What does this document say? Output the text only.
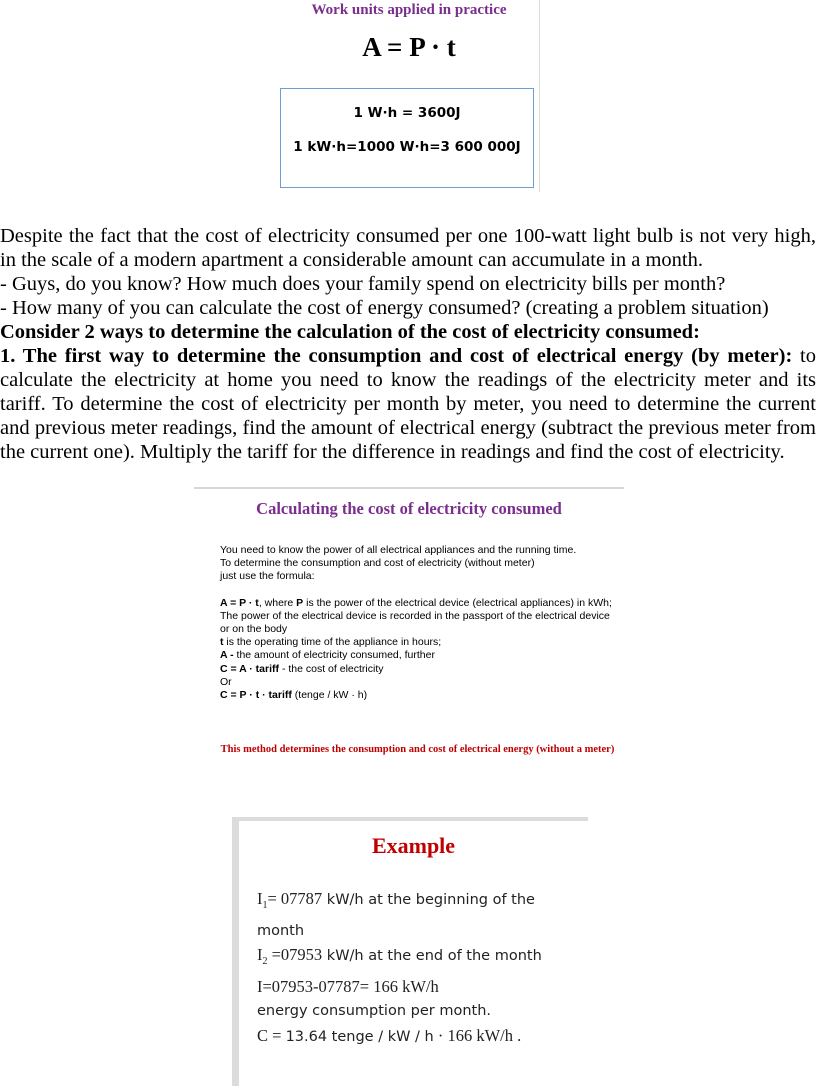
Work units applied in practice
A = P · t
1 W·h = 3600J
1 kW·h=1000 W·h=3 600 000J

Despite the fact that the cost of electricity consumed per one 100-watt light bulb is not very high, in the scale of a modern apartment a considerable amount can accumulate in a month.

- Guys, do you know? How much does your family spend on electricity bills per month?

- How many of you can calculate the cost of energy consumed? (creating a problem situation)

Consider 2 ways to determine the calculation of the cost of electricity consumed:

1. The first way to determine the consumption and cost of electrical energy (by meter): to calculate the electricity at home you need to know the readings of the electricity meter and its tariff. To determine the cost of electricity per month by meter, you need to determine the current and previous meter readings, find the amount of electrical energy (subtract the previous meter from the current one). Multiply the tariff for the difference in readings and find the cost of electricity.

Calculating the cost of electricity consumed
You need to know the power of all electrical appliances and the running time.
To determine the consumption and cost of electricity (without meter)
just use the formula:
A = P · t, where P is the power of the electrical device (electrical appliances) in kWh;
The power of the electrical device is recorded in the passport of the electrical device or on the body
t is the operating time of the appliance in hours;
A - the amount of electricity consumed, further
C = A · tariff - the cost of electricity
Or
C = P · t · tariff (tenge / kW · h)
This method determines the consumption and cost of electrical energy (without a meter)
Example
$I_1= 07787$ kW/h at the beginning of the month
$I_2 =07953$ kW/h at the end of the month
I=07953-07787= 166 kW/h
energy consumption per month.
C = 13.64 tenge / kW / h · 166 kW/h .
